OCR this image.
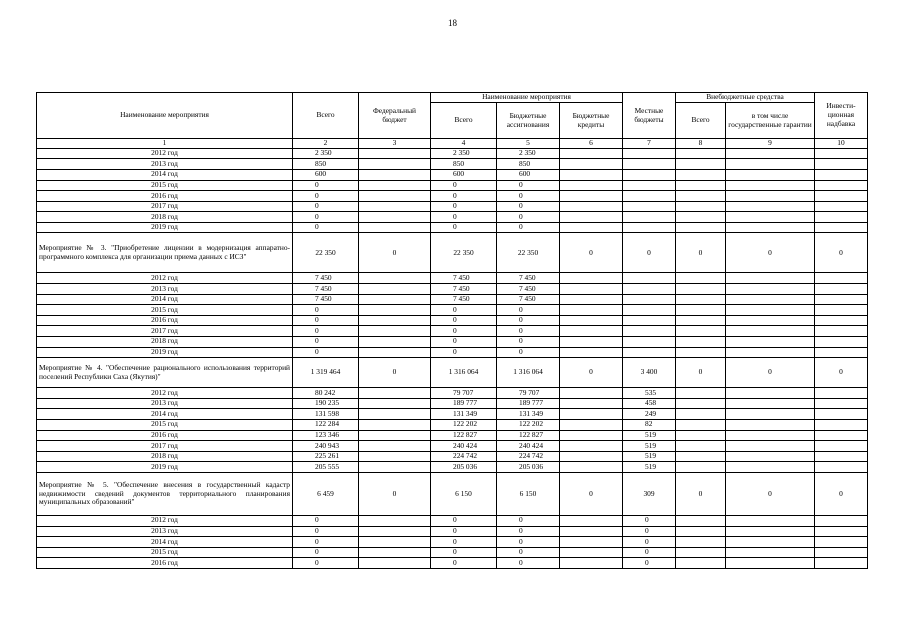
18
Наименование мероприятия	Всего	Федеральный бюджет	Наименование мероприятия			Местные бюджеты	Внебюджетные средства		Инвести-ционная надбавка
			Всего	Бюджетные ассигнования	Бюджетные кредиты		Всего	в том числе государственные гарантии	
1	2	3	4	5	6	7	8	9	10
2012 год	2 350		2 350	2 350					
2013 год	850		850	850					
2014 год	600		600	600					
2015 год	0		0	0					
2016 год	0		0	0					
2017 год	0		0	0					
2018 год	0		0	0					
2019 год	0		0	0					
Мероприятие № 3. "Приобретение лицензии в модернизация аппаратно-программного комплекса для организации приема данных с ИСЗ"	22 350	0	22 350	22 350	0	0	0	0	0
2012 год	7 450		7 450	7 450					
2013 год	7 450		7 450	7 450					
2014 год	7 450		7 450	7 450					
2015 год	0		0	0					
2016 год	0		0	0					
2017 год	0		0	0					
2018 год	0		0	0					
2019 год	0		0	0					
Мероприятие № 4. "Обеспечение рационального использования территорий поселений Республики Саха (Якутия)"	1 319 464	0	1 316 064	1 316 064	0	3 400	0	0	0
2012 год	80 242		79 707	79 707		535			
2013 год	190 235		189 777	189 777		458			
2014 год	131 598		131 349	131 349		249			
2015 год	122 284		122 202	122 202		82			
2016 год	123 346		122 827	122 827		519			
2017 год	240 943		240 424	240 424		519			
2018 год	225 261		224 742	224 742		519			
2019 год	205 555		205 036	205 036		519			
Мероприятие № 5. "Обеспечение внесения в государственный кадастр недвижимости сведений документов территориального планирования муниципальных образований"	6 459	0	6 150	6 150	0	309	0	0	0
2012 год	0		0	0		0			
2013 год	0		0	0		0			
2014 год	0		0	0		0			
2015 год	0		0	0		0			
2016 год	0		0	0		0			
